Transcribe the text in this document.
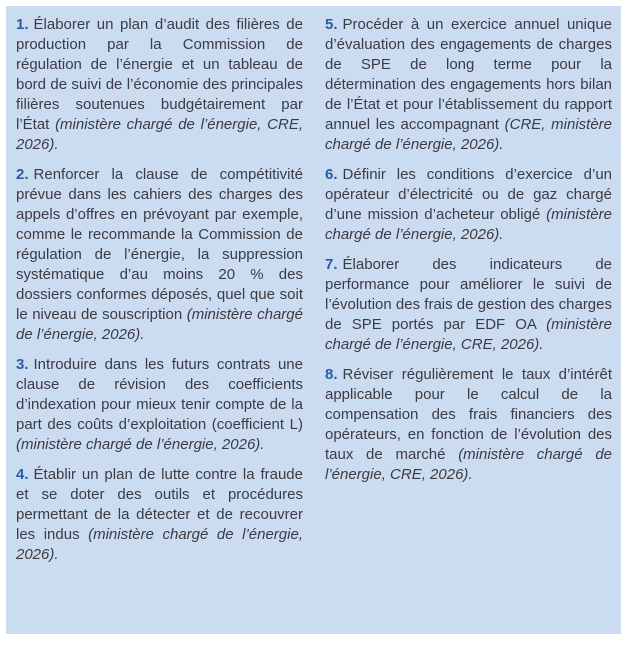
1. Élaborer un plan d’audit des filières de production par la Commission de régulation de l’énergie et un tableau de bord de suivi de l’économie des principales filières soutenues budgétairement par l’État (ministère chargé de l’énergie, CRE, 2026).

2. Renforcer la clause de compétitivité prévue dans les cahiers des charges des appels d’offres en prévoyant par exemple, comme le recommande la Commission de régulation de l’énergie, la suppression systématique d’au moins 20 % des dossiers conformes déposés, quel que soit le niveau de souscription (ministère chargé de l’énergie, 2026).

3. Introduire dans les futurs contrats une clause de révision des coefficients d’indexation pour mieux tenir compte de la part des coûts d’exploitation (coefficient L) (ministère chargé de l’énergie, 2026).

4. Établir un plan de lutte contre la fraude et se doter des outils et procédures permettant de la détecter et de recouvrer les indus (ministère chargé de l’énergie, 2026).

5. Procéder à un exercice annuel unique d’évaluation des engagements de charges de SPE de long terme pour la détermination des engagements hors bilan de l’État et pour l’établissement du rapport annuel les accompagnant (CRE, ministère chargé de l’énergie, 2026).

6. Définir les conditions d’exercice d’un opérateur d’électricité ou de gaz chargé d’une mission d’acheteur obligé (ministère chargé de l’énergie, 2026).

7. Élaborer des indicateurs de performance pour améliorer le suivi de l’évolution des frais de gestion des charges de SPE portés par EDF OA (ministère chargé de l’énergie, CRE, 2026).

8. Réviser régulièrement le taux d’intérêt applicable pour le calcul de la compensation des frais financiers des opérateurs, en fonction de l’évolution des taux de marché (ministère chargé de l’énergie, CRE, 2026).
